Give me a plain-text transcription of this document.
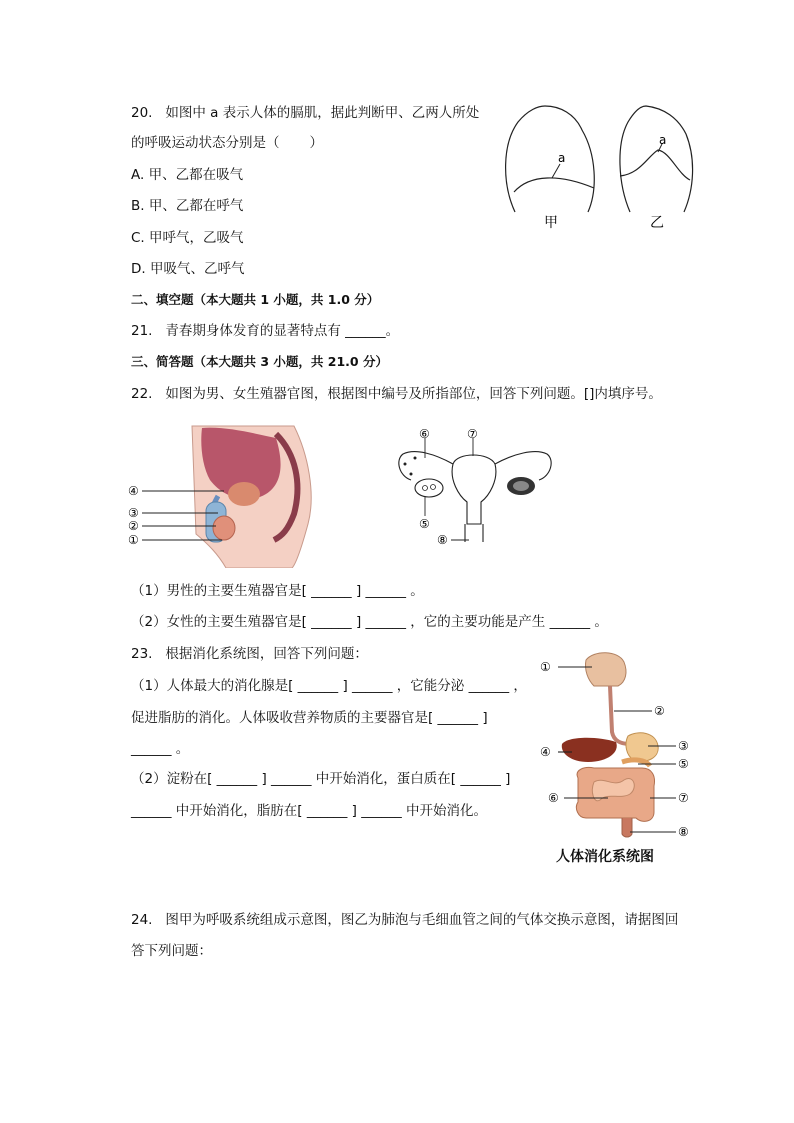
20.   如图中 a 表示人体的膈肌，据此判断甲、乙两人所处
的呼吸运动状态分别是（       ）
A. 甲、乙都在吸气
B. 甲、乙都在呼气
C. 甲呼气，乙吸气
D. 甲吸气、乙呼气
a
甲
a
乙
二、填空题（本大题共 1 小题，共 1.0 分）
21.   青春期身体发育的显著特点有 ______。
三、简答题（本大题共 3 小题，共 21.0 分）
22.   如图为男、女生殖器官图，根据图中编号及所指部位，回答下列问题。[]内填序号。
④
③
②
①
⑥	⑦
⑤
⑧
（1）男性的主要生殖器官是[ ______ ] ______ 。
（2）女性的主要生殖器官是[ ______ ] ______ ，它的主要功能是产生 ______ 。
23.   根据消化系统图，回答下列问题：
（1）人体最大的消化腺是[ ______ ] ______ ，它能分泌 ______ ，
促进脂肪的消化。人体吸收营养物质的主要器官是[ ______ ]
______ 。
（2）淀粉在[ ______ ] ______ 中开始消化，蛋白质在[ ______ ]
______ 中开始消化，脂肪在[ ______ ] ______ 中开始消化。
①
②
③
④
⑤
⑥	⑦
⑧
人体消化系统图
24.   图甲为呼吸系统组成示意图，图乙为肺泡与毛细血管之间的气体交换示意图，请据图回
答下列问题：
